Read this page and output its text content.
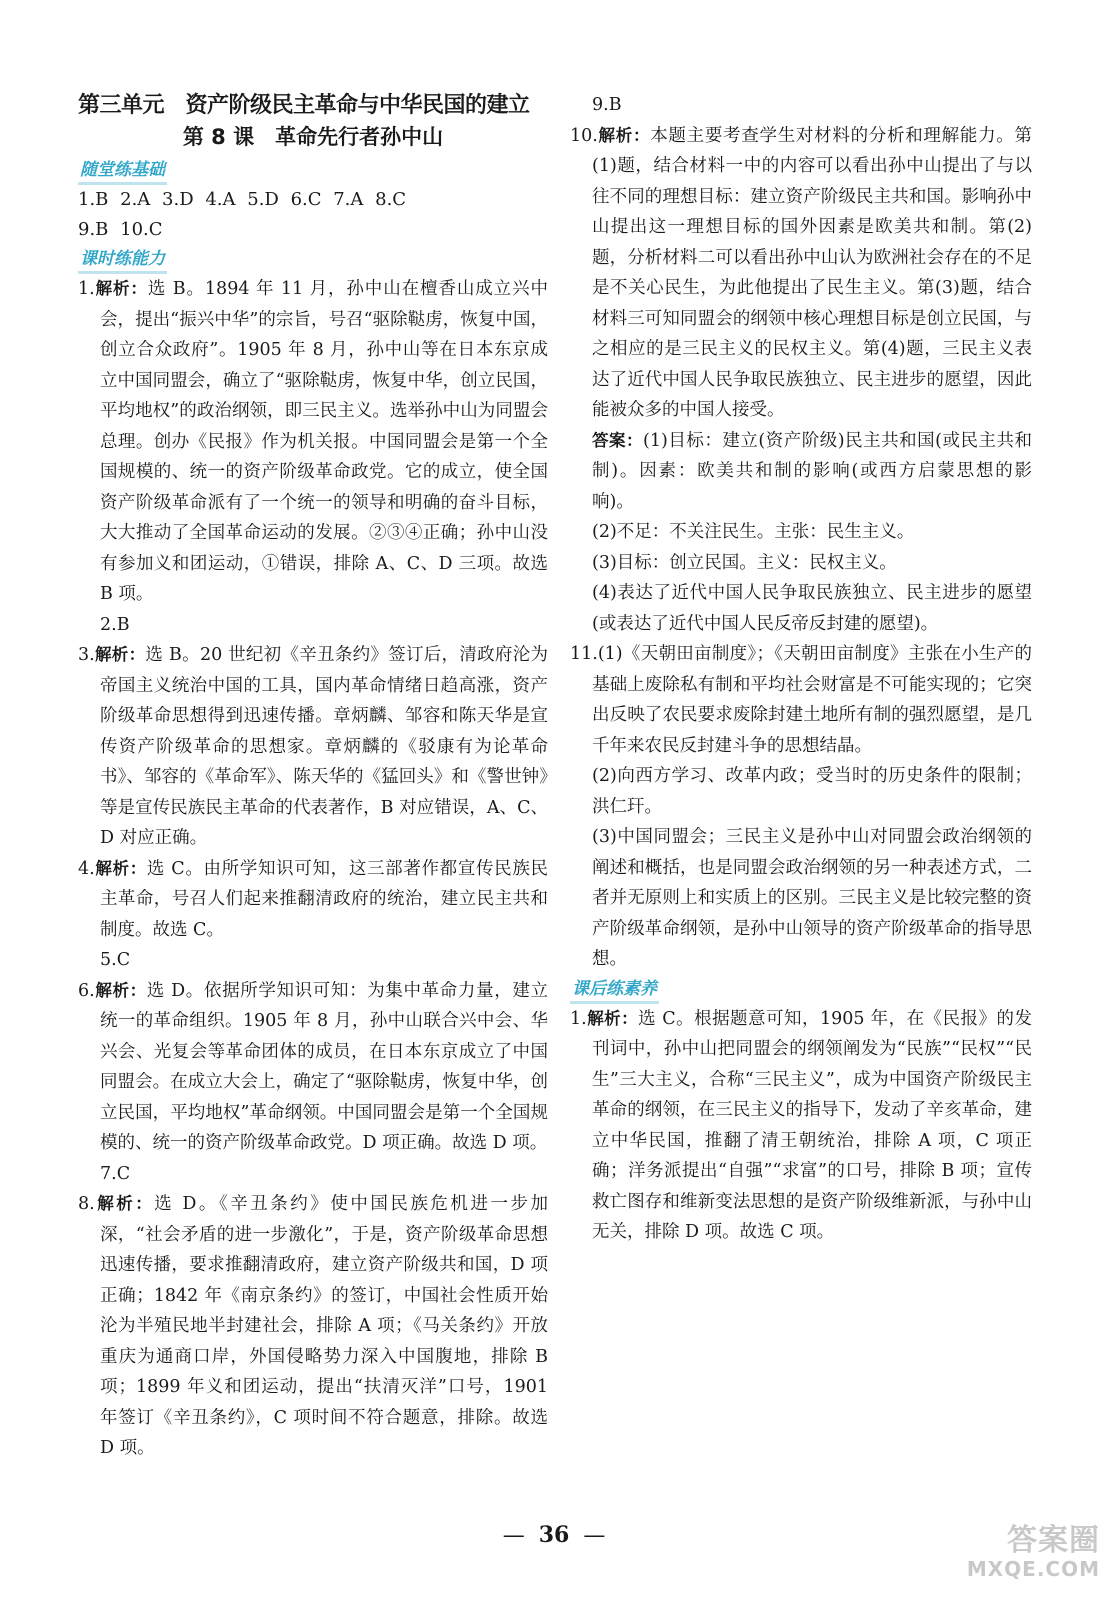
第三单元　资产阶级民主革命与中华民国的建立
第 8 课　革命先行者孙中山
随堂练基础

1.B 2.A 3.D 4.A 5.D 6.C 7.A 8.C

9.B 10.C

课时练能力

1.解析：选 B。1894 年 11 月，孙中山在檀香山成立兴中会，提出“振兴中华”的宗旨，号召“驱除鞑虏，恢复中国，创立合众政府”。1905 年 8 月，孙中山等在日本东京成立中国同盟会，确立了“驱除鞑虏，恢复中华，创立民国，平均地权”的政治纲领，即三民主义。选举孙中山为同盟会总理。创办《民报》作为机关报。中国同盟会是第一个全国规模的、统一的资产阶级革命政党。它的成立，使全国资产阶级革命派有了一个统一的领导和明确的奋斗目标，大大推动了全国革命运动的发展。②③④正确；孙中山没有参加义和团运动，①错误，排除 A、C、D 三项。故选 B 项。

2.B

3.解析：选 B。20 世纪初《辛丑条约》签订后，清政府沦为帝国主义统治中国的工具，国内革命情绪日趋高涨，资产阶级革命思想得到迅速传播。章炳麟、邹容和陈天华是宣传资产阶级革命的思想家。章炳麟的《驳康有为论革命书》、邹容的《革命军》、陈天华的《猛回头》和《警世钟》等是宣传民族民主革命的代表著作，B 对应错误，A、C、D 对应正确。

4.解析：选 C。由所学知识可知，这三部著作都宣传民族民主革命，号召人们起来推翻清政府的统治，建立民主共和制度。故选 C。

5.C

6.解析：选 D。依据所学知识可知：为集中革命力量，建立统一的革命组织。1905 年 8 月，孙中山联合兴中会、华兴会、光复会等革命团体的成员，在日本东京成立了中国同盟会。在成立大会上，确定了“驱除鞑虏，恢复中华，创立民国，平均地权”革命纲领。中国同盟会是第一个全国规模的、统一的资产阶级革命政党。D 项正确。故选 D 项。

7.C

8.解析：选 D。《辛丑条约》使中国民族危机进一步加深，“社会矛盾的进一步激化”，于是，资产阶级革命思想迅速传播，要求推翻清政府，建立资产阶级共和国，D 项正确；1842 年《南京条约》的签订，中国社会性质开始沦为半殖民地半封建社会，排除 A 项；《马关条约》开放重庆为通商口岸，外国侵略势力深入中国腹地，排除 B 项；1899 年义和团运动，提出“扶清灭洋”口号，1901 年签订《辛丑条约》，C 项时间不符合题意，排除。故选 D 项。

9.B

10.解析：本题主要考查学生对材料的分析和理解能力。第(1)题，结合材料一中的内容可以看出孙中山提出了与以往不同的理想目标：建立资产阶级民主共和国。影响孙中山提出这一理想目标的国外因素是欧美共和制。第(2)题，分析材料二可以看出孙中山认为欧洲社会存在的不足是不关心民生，为此他提出了民生主义。第(3)题，结合材料三可知同盟会的纲领中核心理想目标是创立民国，与之相应的是三民主义的民权主义。第(4)题，三民主义表达了近代中国人民争取民族独立、民主进步的愿望，因此能被众多的中国人接受。

答案：(1)目标：建立(资产阶级)民主共和国(或民主共和制)。因素：欧美共和制的影响(或西方启蒙思想的影响)。

(2)不足：不关注民生。主张：民生主义。

(3)目标：创立民国。主义：民权主义。

(4)表达了近代中国人民争取民族独立、民主进步的愿望(或表达了近代中国人民反帝反封建的愿望)。

11.(1)《天朝田亩制度》；《天朝田亩制度》主张在小生产的基础上废除私有制和平均社会财富是不可能实现的；它突出反映了农民要求废除封建土地所有制的强烈愿望，是几千年来农民反封建斗争的思想结晶。

(2)向西方学习、改革内政；受当时的历史条件的限制；洪仁玕。

(3)中国同盟会；三民主义是孙中山对同盟会政治纲领的阐述和概括，也是同盟会政治纲领的另一种表述方式，二者并无原则上和实质上的区别。三民主义是比较完整的资产阶级革命纲领，是孙中山领导的资产阶级革命的指导思想。

课后练素养

1.解析：选 C。根据题意可知，1905 年，在《民报》的发刊词中，孙中山把同盟会的纲领阐发为“民族”“民权”“民生”三大主义，合称“三民主义”，成为中国资产阶级民主革命的纲领，在三民主义的指导下，发动了辛亥革命，建立中华民国，推翻了清王朝统治，排除 A 项，C 项正确；洋务派提出“自强”“求富”的口号，排除 B 项；宣传救亡图存和维新变法思想的是资产阶级维新派，与孙中山无关，排除 D 项。故选 C 项。

— 36 —	答案圈
MXQE.COM
